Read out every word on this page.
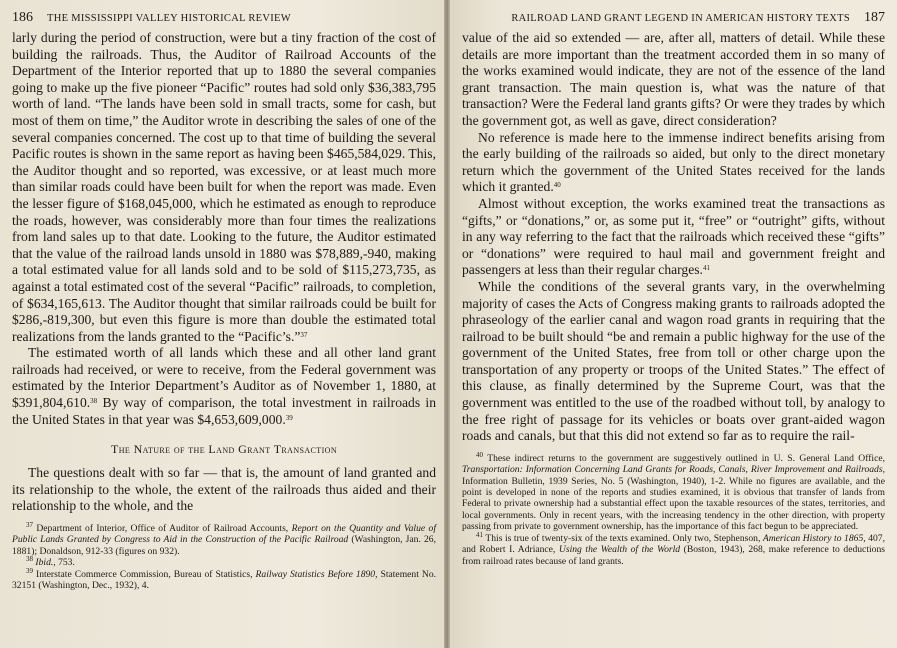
186 THE MISSISSIPPI VALLEY HISTORICAL REVIEW

larly during the period of construction, were but a tiny fraction of the cost of building the railroads. Thus, the Auditor of Railroad Accounts of the Department of the Interior reported that up to 1880 the several companies going to make up the five pioneer “Pacific” routes had sold only $36,383,795 worth of land. “The lands have been sold in small tracts, some for cash, but most of them on time,” the Auditor wrote in describing the sales of one of the several companies concerned. The cost up to that time of building the several Pacific routes is shown in the same report as having been $465,584,029. This, the Auditor thought and so reported, was excessive, or at least much more than similar roads could have been built for when the report was made. Even the lesser figure of $168,045,000, which he estimated as enough to reproduce the roads, however, was considerably more than four times the realizations from land sales up to that date. Looking to the future, the Auditor estimated that the value of the railroad lands unsold in 1880 was $78,889,-940, making a total estimated value for all lands sold and to be sold of $115,273,735, as against a total estimated cost of the several “Pacific” railroads, to completion, of $634,165,613. The Auditor thought that similar railroads could be built for $286,-819,300, but even this figure is more than double the estimated total realizations from the lands granted to the “Pacific’s.”$^{37}$

The estimated worth of all lands which these and all other land grant railroads had received, or were to receive, from the Federal government was estimated by the Interior Department’s Auditor as of November 1, 1880, at $391,804,610.38 By way of comparison, the total investment in railroads in the United States in that year was $4,653,609,000.39

The Nature of the Land Grant Transaction

The questions dealt with so far — that is, the amount of land granted and its relationship to the whole, the extent of the railroads thus aided and their relationship to the whole, and the

$^{37}$ Department of Interior, Office of Auditor of Railroad Accounts, Report on the Quantity and Value of Public Lands Granted by Congress to Aid in the Construction of the Pacific Railroad (Washington, Jan. 26, 1881); Donaldson, 912-33 (figures on 932).

$^{38}$ Ibid., 753.

$^{39}$ Interstate Commerce Commission, Bureau of Statistics, Railway Statistics Before 1890, Statement No. 32151 (Washington, Dec., 1932), 4.

RAILROAD LAND GRANT LEGEND IN AMERICAN HISTORY TEXTS 187

value of the aid so extended — are, after all, matters of detail. While these details are more important than the treatment accorded them in so many of the works examined would indicate, they are not of the essence of the land grant transaction. The main question is, what was the nature of that transaction? Were the Federal land grants gifts? Or were they trades by which the government got, as well as gave, direct consideration?

No reference is made here to the immense indirect benefits arising from the early building of the railroads so aided, but only to the direct monetary return which the government of the United States received for the lands which it granted.$^{40}$

Almost without exception, the works examined treat the transactions as “gifts,” or “donations,” or, as some put it, “free” or “outright” gifts, without in any way referring to the fact that the railroads which received these “gifts” or “donations” were required to haul mail and government freight and passengers at less than their regular charges.$^{41}$

While the conditions of the several grants vary, in the overwhelming majority of cases the Acts of Congress making grants to railroads adopted the phraseology of the earlier canal and wagon road grants in requiring that the railroad to be built should “be and remain a public highway for the use of the government of the United States, free from toll or other charge upon the transportation of any property or troops of the United States.” The effect of this clause, as finally determined by the Supreme Court, was that the government was entitled to the use of the roadbed without toll, by analogy to the free right of passage for its vehicles or boats over grant-aided wagon roads and canals, but that this did not extend so far as to require the rail-

$^{40}$ These indirect returns to the government are suggestively outlined in U. S. General Land Office, Transportation: Information Concerning Land Grants for Roads, Canals, River Improvement and Railroads, Information Bulletin, 1939 Series, No. 5 (Washington, 1940), 1-2. While no figures are available, and the point is developed in none of the reports and studies examined, it is obvious that transfer of lands from Federal to private ownership had a substantial effect upon the taxable resources of the states, territories, and local governments. Only in recent years, with the increasing tendency in the other direction, with property passing from private to government ownership, has the importance of this fact begun to be appreciated.

$^{41}$ This is true of twenty-six of the texts examined. Only two, Stephenson, American History to 1865, 407, and Robert I. Adriance, Using the Wealth of the World (Boston, 1943), 268, make reference to deductions from railroad rates because of land grants.
